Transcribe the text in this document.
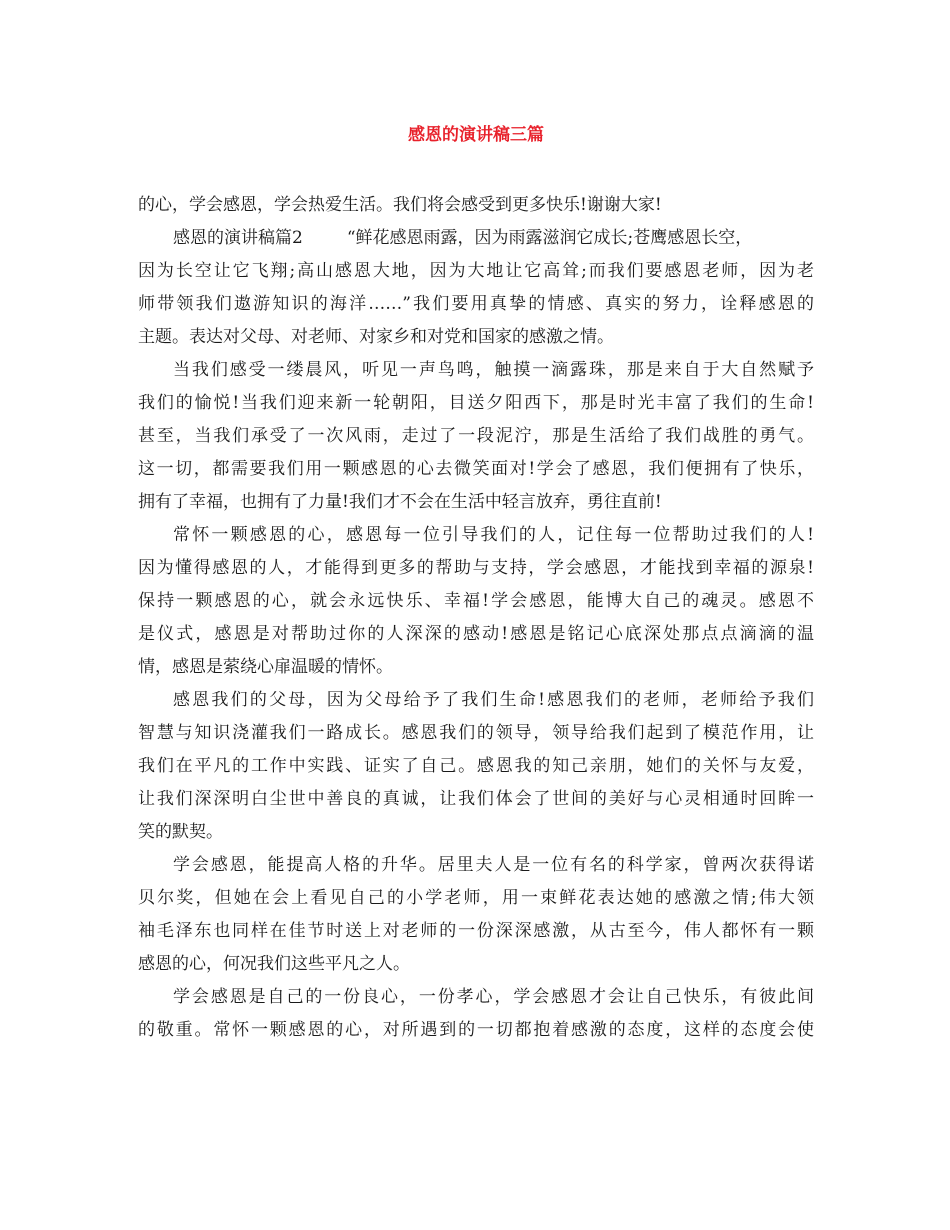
感恩的演讲稿三篇
的心，学会感恩，学会热爱生活。我们将会感受到更多快乐!谢谢大家!
感恩的演讲稿篇2	“鲜花感恩雨露，因为雨露滋润它成长;苍鹰感恩长空，
因为长空让它飞翔;高山感恩大地，因为大地让它高耸;而我们要感恩老师，因为老
师带领我们遨游知识的海洋……”我们要用真挚的情感、真实的努力，诠释感恩的
主题。表达对父母、对老师、对家乡和对党和国家的感激之情。
当我们感受一缕晨风，听见一声鸟鸣，触摸一滴露珠，那是来自于大自然赋予
我们的愉悦!当我们迎来新一轮朝阳，目送夕阳西下，那是时光丰富了我们的生命!
甚至，当我们承受了一次风雨，走过了一段泥泞，那是生活给了我们战胜的勇气。
这一切，都需要我们用一颗感恩的心去微笑面对!学会了感恩，我们便拥有了快乐，
拥有了幸福，也拥有了力量!我们才不会在生活中轻言放弃，勇往直前!
常怀一颗感恩的心，感恩每一位引导我们的人，记住每一位帮助过我们的人!
因为懂得感恩的人，才能得到更多的帮助与支持，学会感恩，才能找到幸福的源泉!
保持一颗感恩的心，就会永远快乐、幸福!学会感恩，能博大自己的魂灵。感恩不
是仪式，感恩是对帮助过你的人深深的感动!感恩是铭记心底深处那点点滴滴的温
情，感恩是萦绕心扉温暖的情怀。
感恩我们的父母，因为父母给予了我们生命!感恩我们的老师，老师给予我们
智慧与知识浇灌我们一路成长。感恩我们的领导，领导给我们起到了模范作用，让
我们在平凡的工作中实践、证实了自己。感恩我的知己亲朋，她们的关怀与友爱，
让我们深深明白尘世中善良的真诚，让我们体会了世间的美好与心灵相通时回眸一
笑的默契。
学会感恩，能提高人格的升华。居里夫人是一位有名的科学家，曾两次获得诺
贝尔奖，但她在会上看见自己的小学老师，用一束鲜花表达她的感激之情;伟大领
袖毛泽东也同样在佳节时送上对老师的一份深深感激，从古至今，伟人都怀有一颗
感恩的心，何况我们这些平凡之人。
学会感恩是自己的一份良心，一份孝心，学会感恩才会让自己快乐，有彼此间
的敬重。常怀一颗感恩的心，对所遇到的一切都抱着感激的态度，这样的态度会使
